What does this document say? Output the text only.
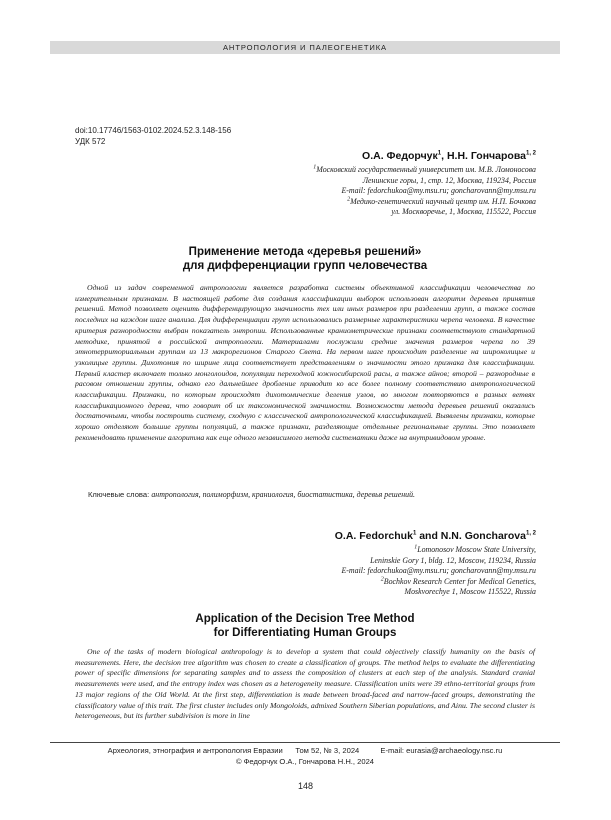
АНТРОПОЛОГИЯ И ПАЛЕОГЕНЕТИКА
doi:10.17746/1563-0102.2024.52.3.148-156
УДК 572
О.А. Федорчук$^1$, Н.Н. Гончарова$^{1, 2}$
$^1$Московский государственный университет им. М.В. Ломоносова
Ленинские горы, 1, стр. 12, Москва, 119234, Россия
E-mail: fedorchukoa@my.msu.ru; goncharovann@my.msu.ru
$^2$Медико-генетический научный центр им. Н.П. Бочкова
ул. Москворечье, 1, Москва, 115522, Россия
Применение метода «деревья решений»
для дифференциации групп человечества

Одной из задач современной антропологии является разработка системы объективной классификации человечества по измерительным признакам. В настоящей работе для создания классификации выборок использован алгоритм деревьев принятия решений. Метод позволяет оценить дифференцирующую значимость тех или иных размеров при разделении групп, а также состав последних на каждом шаге анализа. Для дифференциации групп использовались размерные характеристики черепа человека. В качестве критерия разнородности выбран показатель энтропии. Использованные краниометрические признаки соответствуют стандартной методике, принятой в российской антропологии. Материалами послужили средние значения размеров черепа по 39 этнотерриториальным группам из 13 макрорегионов Старого Света. На первом шаге происходит разделение на широколицые и узколицые группы. Дихотомия по ширине лица соответствует представлениям о значимости этого признака для классификации. Первый кластер включает только монголоидов, популяции переходной южносибирской расы, а также айнов; второй – разнородные в расовом отношении группы, однако его дальнейшее дробление приводит ко все более полному соответствию антропологической классификации. Признаки, по которым происходят дихотомические деления узлов, во многом повторяются в разных ветвях классификационного дерева, что говорит об их таксономической значимости. Возможности метода деревьев решений оказались достаточными, чтобы построить систему, сходную с классической антропологической классификацией. Выявлены признаки, которые хорошо отделяют большие группы популяций, а также признаки, разделяющие отдельные региональные группы. Это позволяет рекомендовать применение алгоритма как еще одного независимого метода систематики даже на внутривидовом уровне.

Ключевые слова: антропология, полиморфизм, краниология, биостатистика, деревья решений.
O.A. Fedorchuk$^1$ and N.N. Goncharova$^{1, 2}$
$^1$Lomonosov Moscow State University,
Leninskie Gory 1, bldg. 12, Moscow, 119234, Russia
E-mail: fedorchukoa@my.msu.ru; goncharovann@my.msu.ru
$^2$Bochkov Research Center for Medical Genetics,
Moskvorechye 1, Moscow 115522, Russia
Application of the Decision Tree Method
for Differentiating Human Groups

One of the tasks of modern biological anthropology is to develop a system that could objectively classify humanity on the basis of measurements. Here, the decision tree algorithm was chosen to create a classification of groups. The method helps to evaluate the differentiating power of specific dimensions for separating samples and to assess the composition of clusters at each step of the analysis. Standard cranial measurements were used, and the entropy index was chosen as a heterogeneity measure. Classification units were 39 ethno-territorial groups from 13 major regions of the Old World. At the first step, differentiation is made between broad-faced and narrow-faced groups, demonstrating the classificatory value of this trait. The first cluster includes only Mongoloids, admixed Southern Siberian populations, and Ainu. The second cluster is heterogeneous, but its further subdivision is more in line

Археология, этнография и антропология Евразии Том 52, № 3, 2024	E-mail: eurasia@archaeology.nsc.ru
© Федорчук О.А., Гончарова Н.Н., 2024
148
